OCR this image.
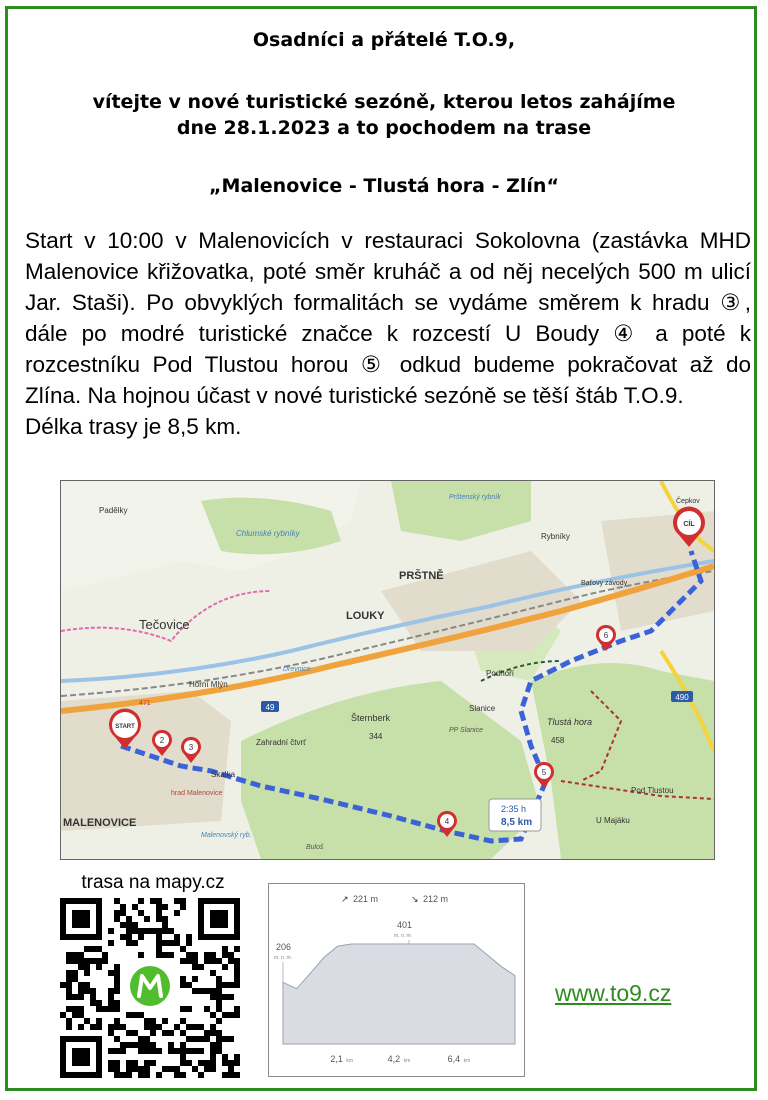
Osadníci a přátelé T.O.9,
vítejte v nové turistické sezóně, kterou letos zahájíme
dne 28.1.2023 a to pochodem na trase
„Malenovice - Tlustá hora - Zlín“

Start v 10:00 v Malenovicích v restauraci Sokolovna (zastávka MHD Malenovice křižovatka, poté směr kruháč a od něj necelých 500 m ulicí Jar. Staši). Po obvyklých formalitách se vydáme směrem k hradu ③, dále po modré turistické značce k rozcestí U Boudy ④ a poté k rozcestníku Pod Tlustou horou ⑤ odkud budeme pokračovat až do Zlína. Na hojnou účast v nové turistické sezóně se těší štáb T.O.9.

Délka trasy je 8,5 km.

Tečovice
LOUKY
PRŠTNĚ
MALENOVICE
Šternberk
344
Tlustá hora
458
Podhoří
Slanice
PP Slanice
Horní Mlýn
Zahradní čtvrť
Skalka
hrad Malenovice	Pod Tlustou
U Majáku
Rybníky
Chlumské rybníky
Padělky
Baťovy závody
Čepkov
Dřevnice
Buloš
Malenovský ryb.
Prštenský rybník
49
490
471
START
2
3
4
5
6
CÍL
2:35 h
8,5 km
trasa na mapy.cz
↗ 221 m	↘ 212 m
401
m. n. m.
206
m. n. m.
2,1 km	4,2 km	6,4 km
www.to9.cz
